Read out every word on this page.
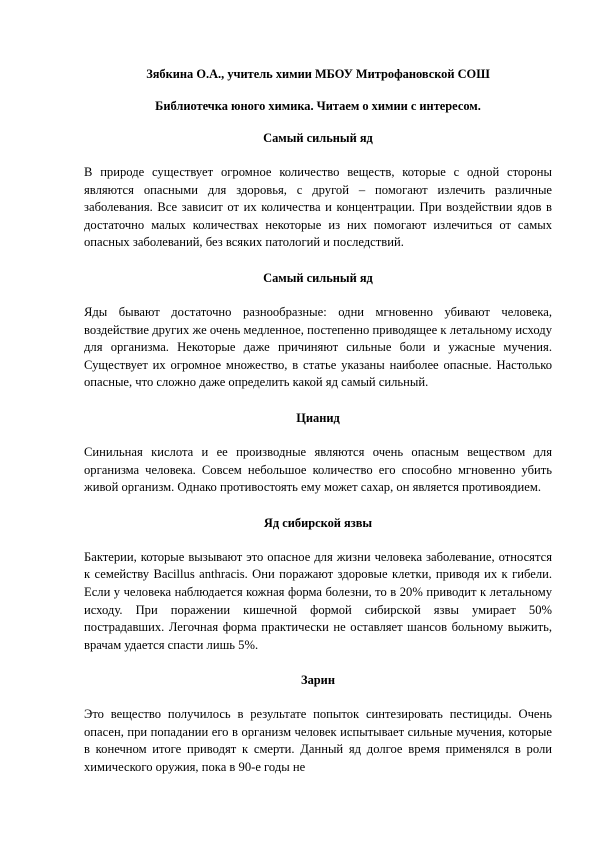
Зябкина О.А., учитель химии МБОУ Митрофановской СОШ
Библиотечка юного химика. Читаем о химии с интересом.
Самый сильный яд
В природе существует огромное количество веществ, которые с одной стороны являются опасными для здоровья, с другой – помогают излечить различные заболевания. Все зависит от их количества и концентрации. При воздействии ядов в достаточно малых количествах некоторые из них помогают излечиться от самых опасных заболеваний, без всяких патологий и последствий.
Самый сильный яд
Яды бывают достаточно разнообразные: одни мгновенно убивают человека, воздействие других же очень медленное, постепенно приводящее к летальному исходу для организма. Некоторые даже причиняют сильные боли и ужасные мучения. Существует их огромное множество, в статье указаны наиболее опасные. Настолько опасные, что сложно даже определить какой яд самый сильный.
Цианид
Синильная кислота и ее производные являются очень опасным веществом для организма человека. Совсем небольшое количество его способно мгновенно убить живой организм. Однако противостоять ему может сахар, он является противоядием.
Яд сибирской язвы
Бактерии, которые вызывают это опасное для жизни человека заболевание, относятся к семейству Bacillus anthracis. Они поражают здоровые клетки, приводя их к гибели. Если у человека наблюдается кожная форма болезни, то в 20% приводит к летальному исходу. При поражении кишечной формой сибирской язвы умирает 50% пострадавших. Легочная форма практически не оставляет шансов больному выжить, врачам удается спасти лишь 5%.
Зарин
Это вещество получилось в результате попыток синтезировать пестициды. Очень опасен, при попадании его в организм человек испытывает сильные мучения, которые в конечном итоге приводят к смерти. Данный яд долгое время применялся в роли химического оружия, пока в 90-е годы не
